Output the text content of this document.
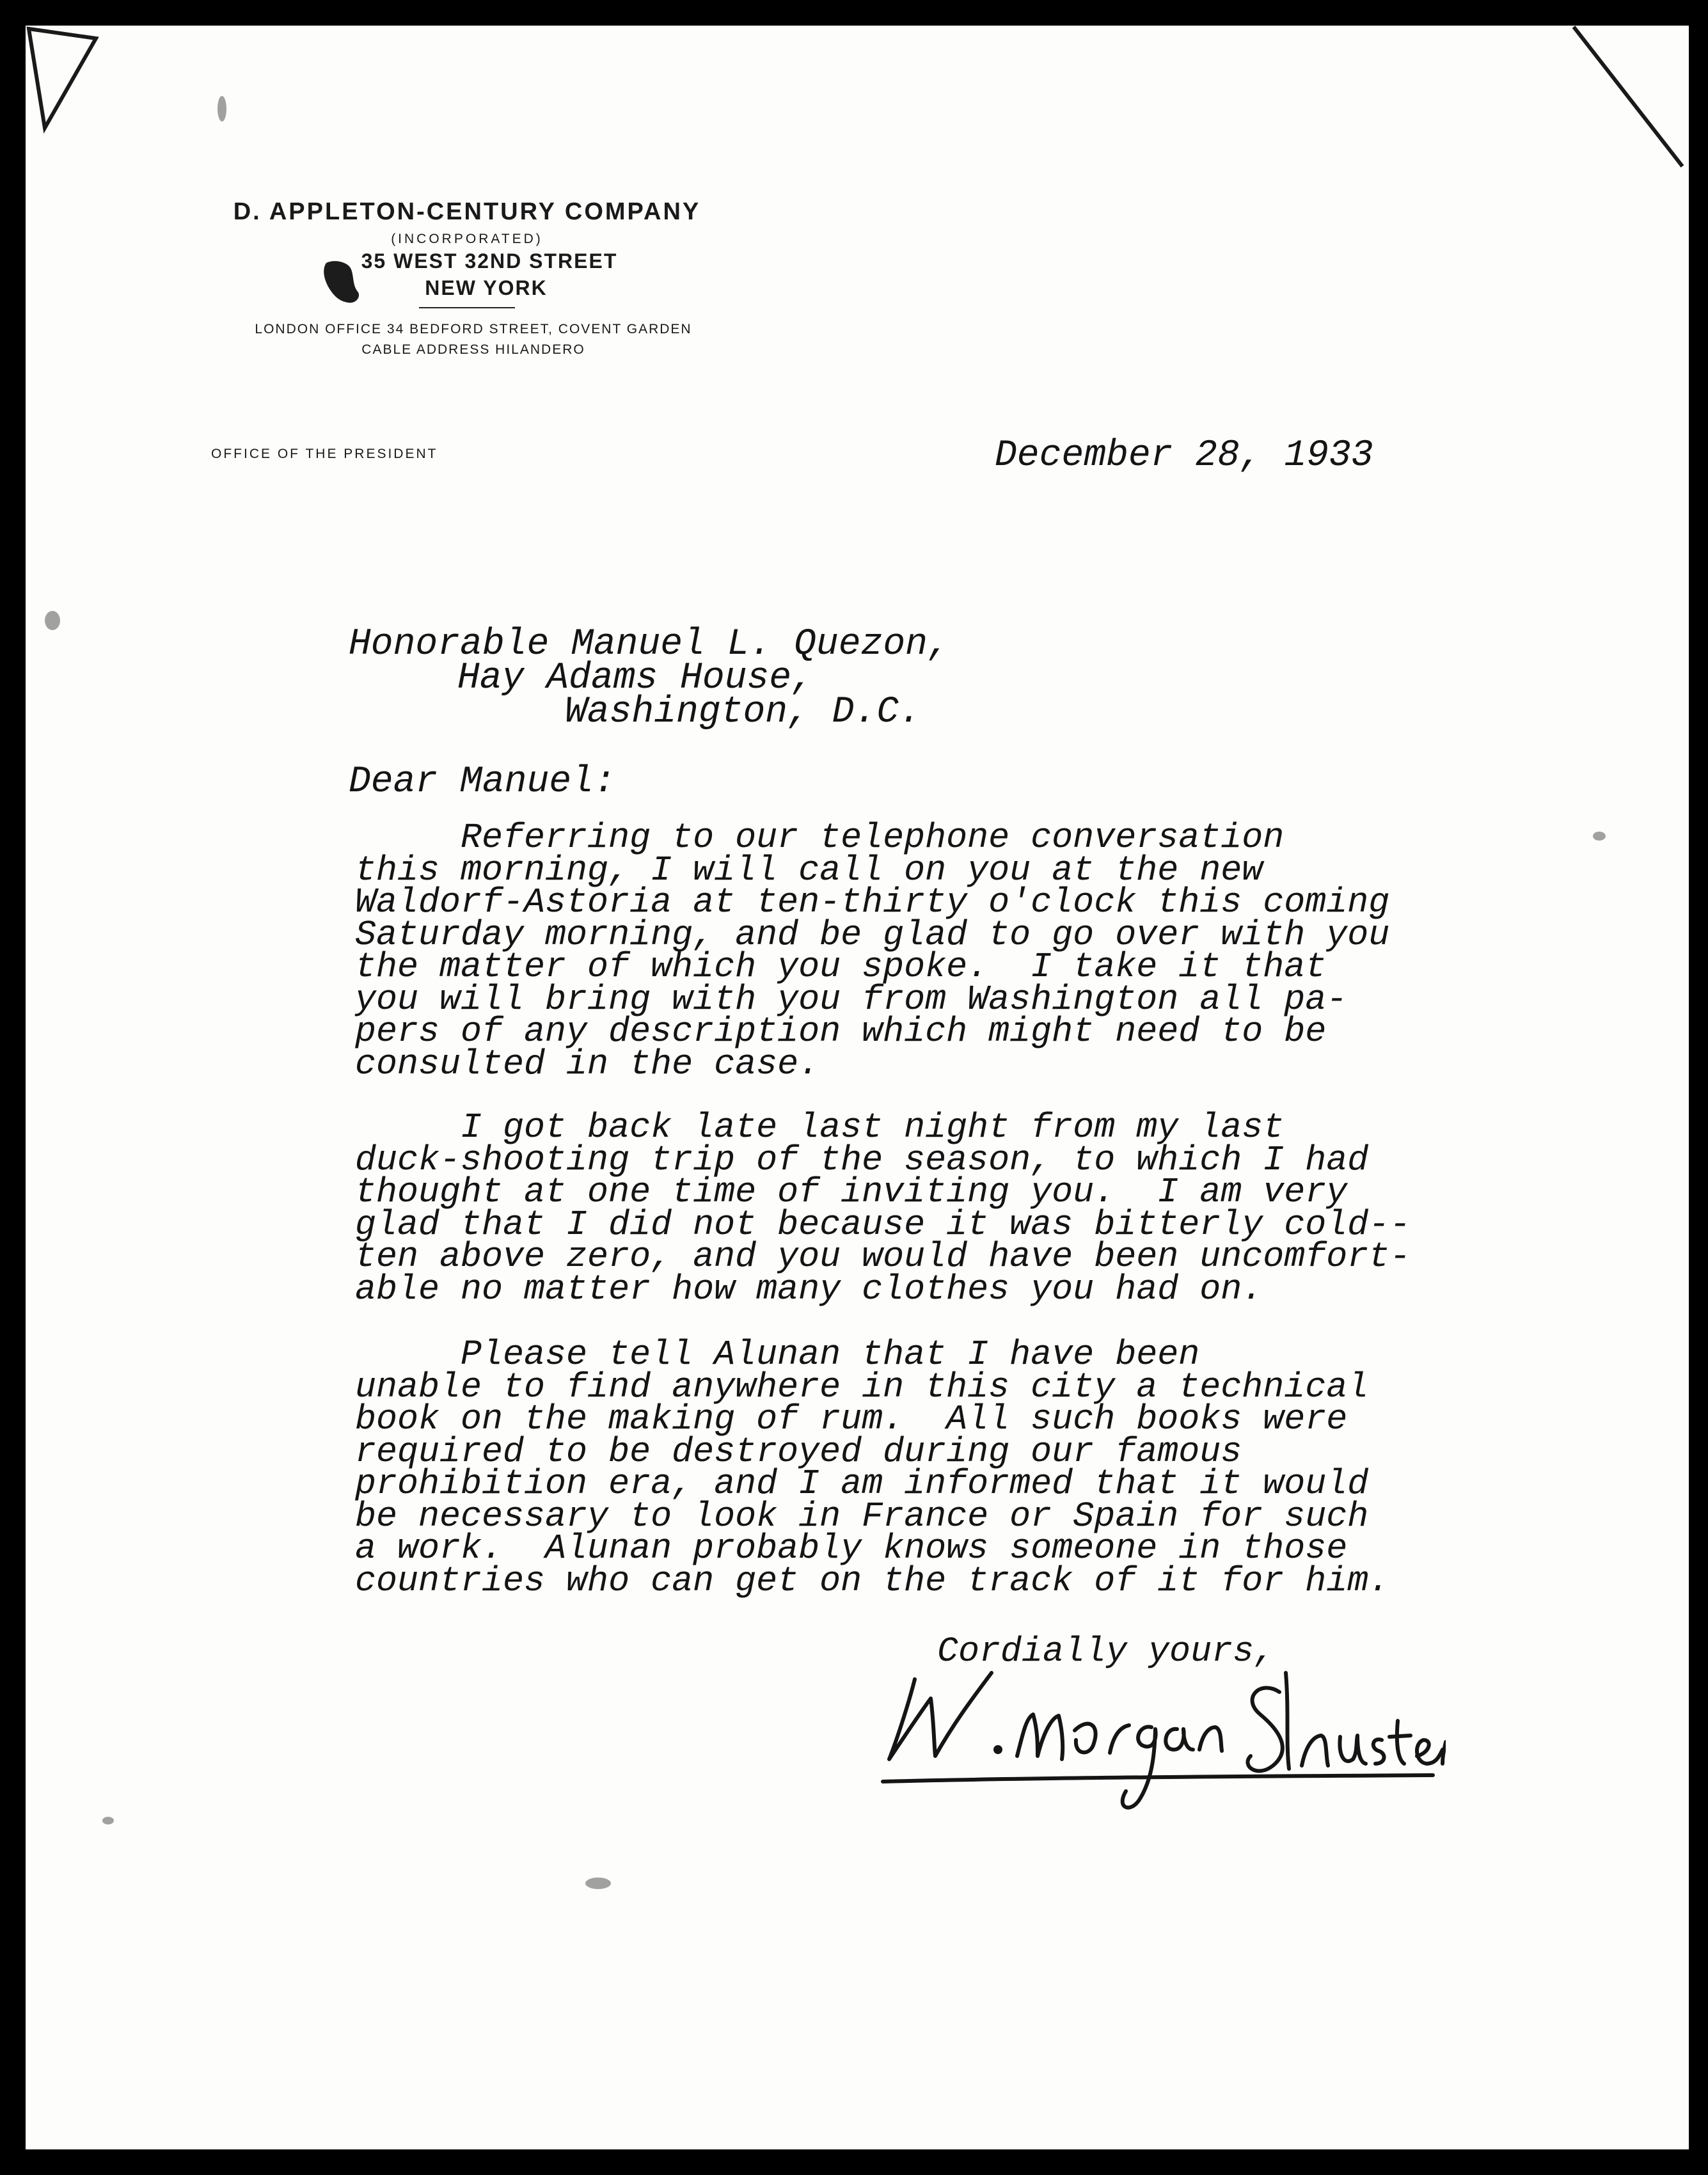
D. APPLETON-CENTURY COMPANY
(INCORPORATED)
35 WEST 32ND STREET
NEW YORK
LONDON OFFICE 34 BEDFORD STREET, COVENT GARDEN
CABLE ADDRESS HILANDERO
OFFICE OF THE PRESIDENT	December 28, 1933
Honorable Manuel L. Quezon,
Hay Adams House,
Washington, D.C.
Dear Manuel:
Referring to our telephone conversation
this morning, I will call on you at the new
Waldorf-Astoria at ten-thirty o'clock this coming
Saturday morning, and be glad to go over with you
the matter of which you spoke.  I take it that
you will bring with you from Washington all pa-
pers of any description which might need to be
consulted in the case.
I got back late last night from my last
duck-shooting trip of the season, to which I had
thought at one time of inviting you.  I am very
glad that I did not because it was bitterly cold--
ten above zero, and you would have been uncomfort-
able no matter how many clothes you had on.
Please tell Alunan that I have been
unable to find anywhere in this city a technical
book on the making of rum.  All such books were
required to be destroyed during our famous
prohibition era, and I am informed that it would
be necessary to look in France or Spain for such
a work.  Alunan probably knows someone in those
countries who can get on the track of it for him.
Cordially yours,
